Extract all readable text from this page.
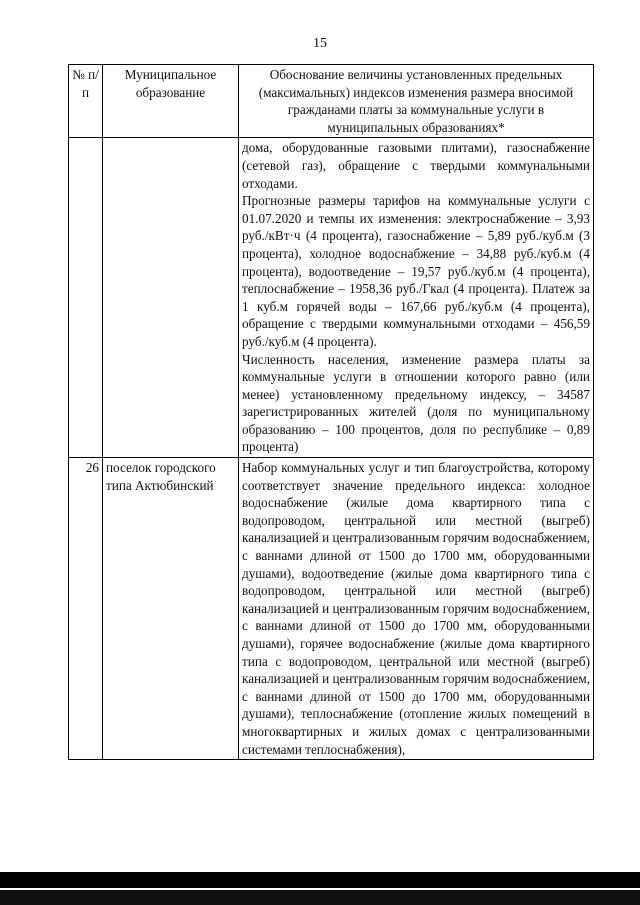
15
№ п/п	Муниципальное образование	Обоснование величины установленных предельных (максимальных) индексов изменения размера вносимой гражданами платы за коммунальные услуги в муниципальных образованиях*

		дома, оборудованные газовыми плитами), газоснабжение (сетевой газ), обращение с твердыми коммунальными отходами.

Прогнозные размеры тарифов на коммунальные услуги с 01.07.2020 и темпы их изменения: электроснабжение – 3,93 руб./кВт·ч (4 процента), газоснабжение – 5,89 руб./куб.м (3 процента), холодное водоснабжение – 34,88 руб./куб.м (4 процента), водоотведение – 19,57 руб./куб.м (4 процента), теплоснабжение – 1958,36 руб./Гкал (4 процента). Платеж за 1 куб.м горячей воды – 167,66 руб./куб.м (4 процента), обращение с твердыми коммунальными отходами – 456,59 руб./куб.м (4 процента).

Численность населения, изменение размера платы за коммунальные услуги в отношении которого равно (или менее) установленному предельному индексу, – 34587 зарегистрированных жителей (доля по муниципальному образованию – 100 процентов, доля по республике – 0,89 процента)

26	поселок городского типа Актюбинский	Набор коммунальных услуг и тип благоустройства, которому соответствует значение предельного индекса: холодное водоснабжение (жилые дома квартирного типа с водопроводом, центральной или местной (выгреб) канализацией и централизованным горячим водоснабжением, с ваннами длиной от 1500 до 1700 мм, оборудованными душами), водоотведение (жилые дома квартирного типа с водопроводом, центральной или местной (выгреб) канализацией и централизованным горячим водоснабжением, с ваннами длиной от 1500 до 1700 мм, оборудованными душами), горячее водоснабжение (жилые дома квартирного типа с водопроводом, центральной или местной (выгреб) канализацией и централизованным горячим водоснабжением, с ваннами длиной от 1500 до 1700 мм, оборудованными душами), теплоснабжение (отопление жилых помещений в многоквартирных и жилых домах с централизованными системами теплоснабжения),
